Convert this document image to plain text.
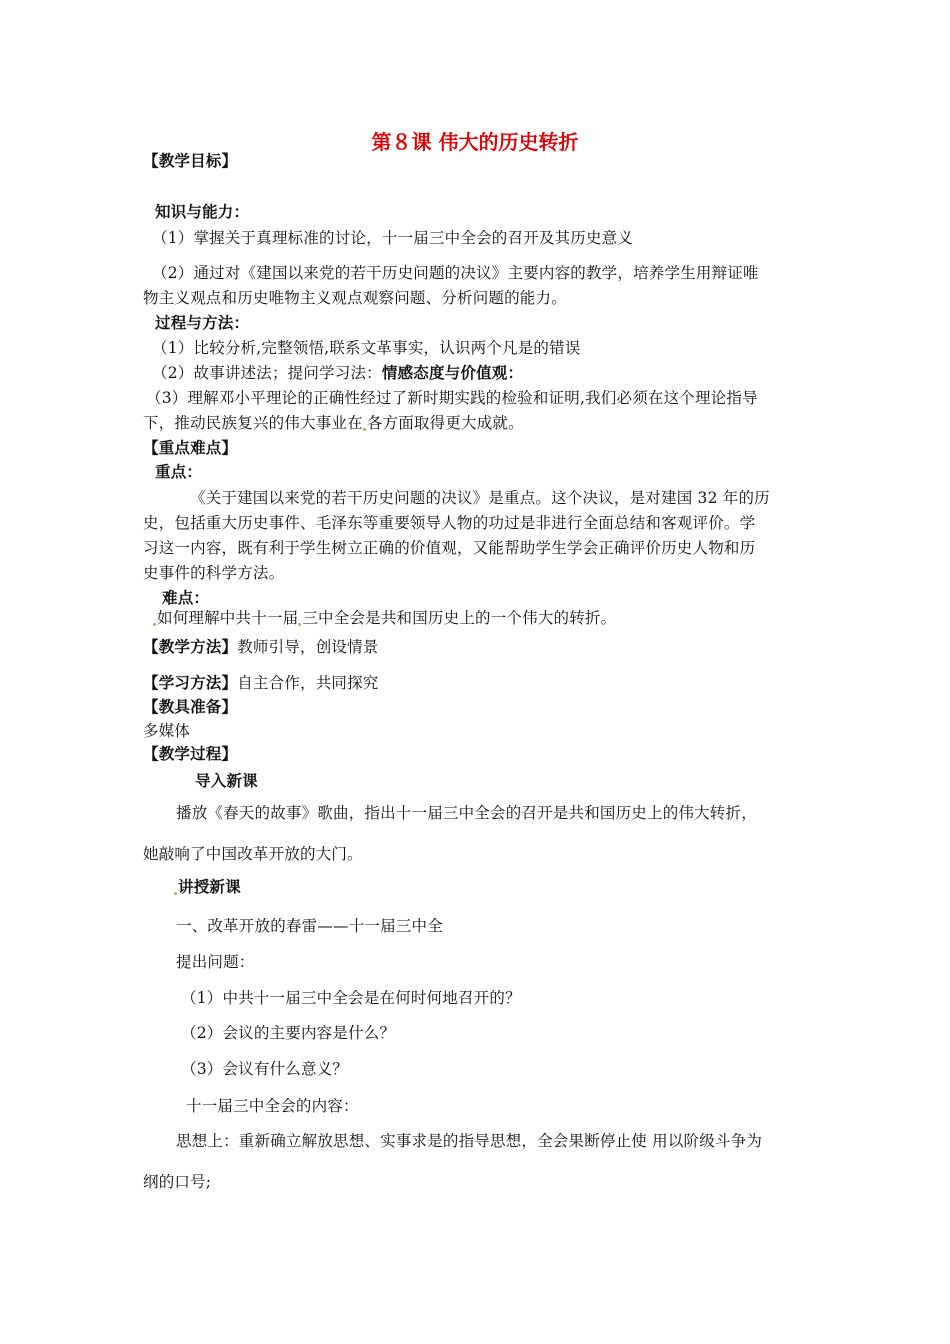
第８课 伟大的历史转折
【教学目标】
知识与能力：
（1）掌握关于真理标准的讨论，十一届三中全会的召开及其历史意义
（2）通过对《建国以来党的若干历史问题的决议》主要内容的教学，培养学生用辩证唯
物主义观点和历史唯物主义观点观察问题、分析问题的能力。
过程与方法：
（1）比较分析,完整领悟,联系文革事实，认识两个凡是的错误
（2）故事讲述法；提问学习法：情感态度与价值观：
（3）理解邓小平理论的正确性经过了新时期实践的检验和证明,我们必须在这个理论指导
下，推动民族复兴的伟大事业在 各方面取得更大成就。
【重点难点】
重点：
《关于建国以来党的若干历史问题的决议》是重点。这个决议，是对建国 32 年的历
史，包括重大历史事件、毛泽东等重要领导人物的功过是非进行全面总结和客观评价。学
习这一内容，既有利于学生树立正确的价值观，又能帮助学生学会正确评价历史人物和历
史事件的科学方法。
难点：
如何理解中共十一届 三中全会是共和国历史上的一个伟大的转折。
【教学方法】教师引导，创设情景
【学习方法】自主合作，共同探究
【教具准备】
多媒体
【教学过程】
导入新课
播放《春天的故事》歌曲，指出十一届三中全会的召开是共和国历史上的伟大转折，
她敲响了中国改革开放的大门。
讲授新课
一、改革开放的春雷——十一届三中全
提出问题：
（1）中共十一届三中全会是在何时何地召开的？
（2）会议的主要内容是什么？
（3）会议有什么意义？
十一届三中全会的内容：
思想上：重新确立解放思想、实事求是的指导思想，全会果断停止使 用以阶级斗争为
纲的口号;
